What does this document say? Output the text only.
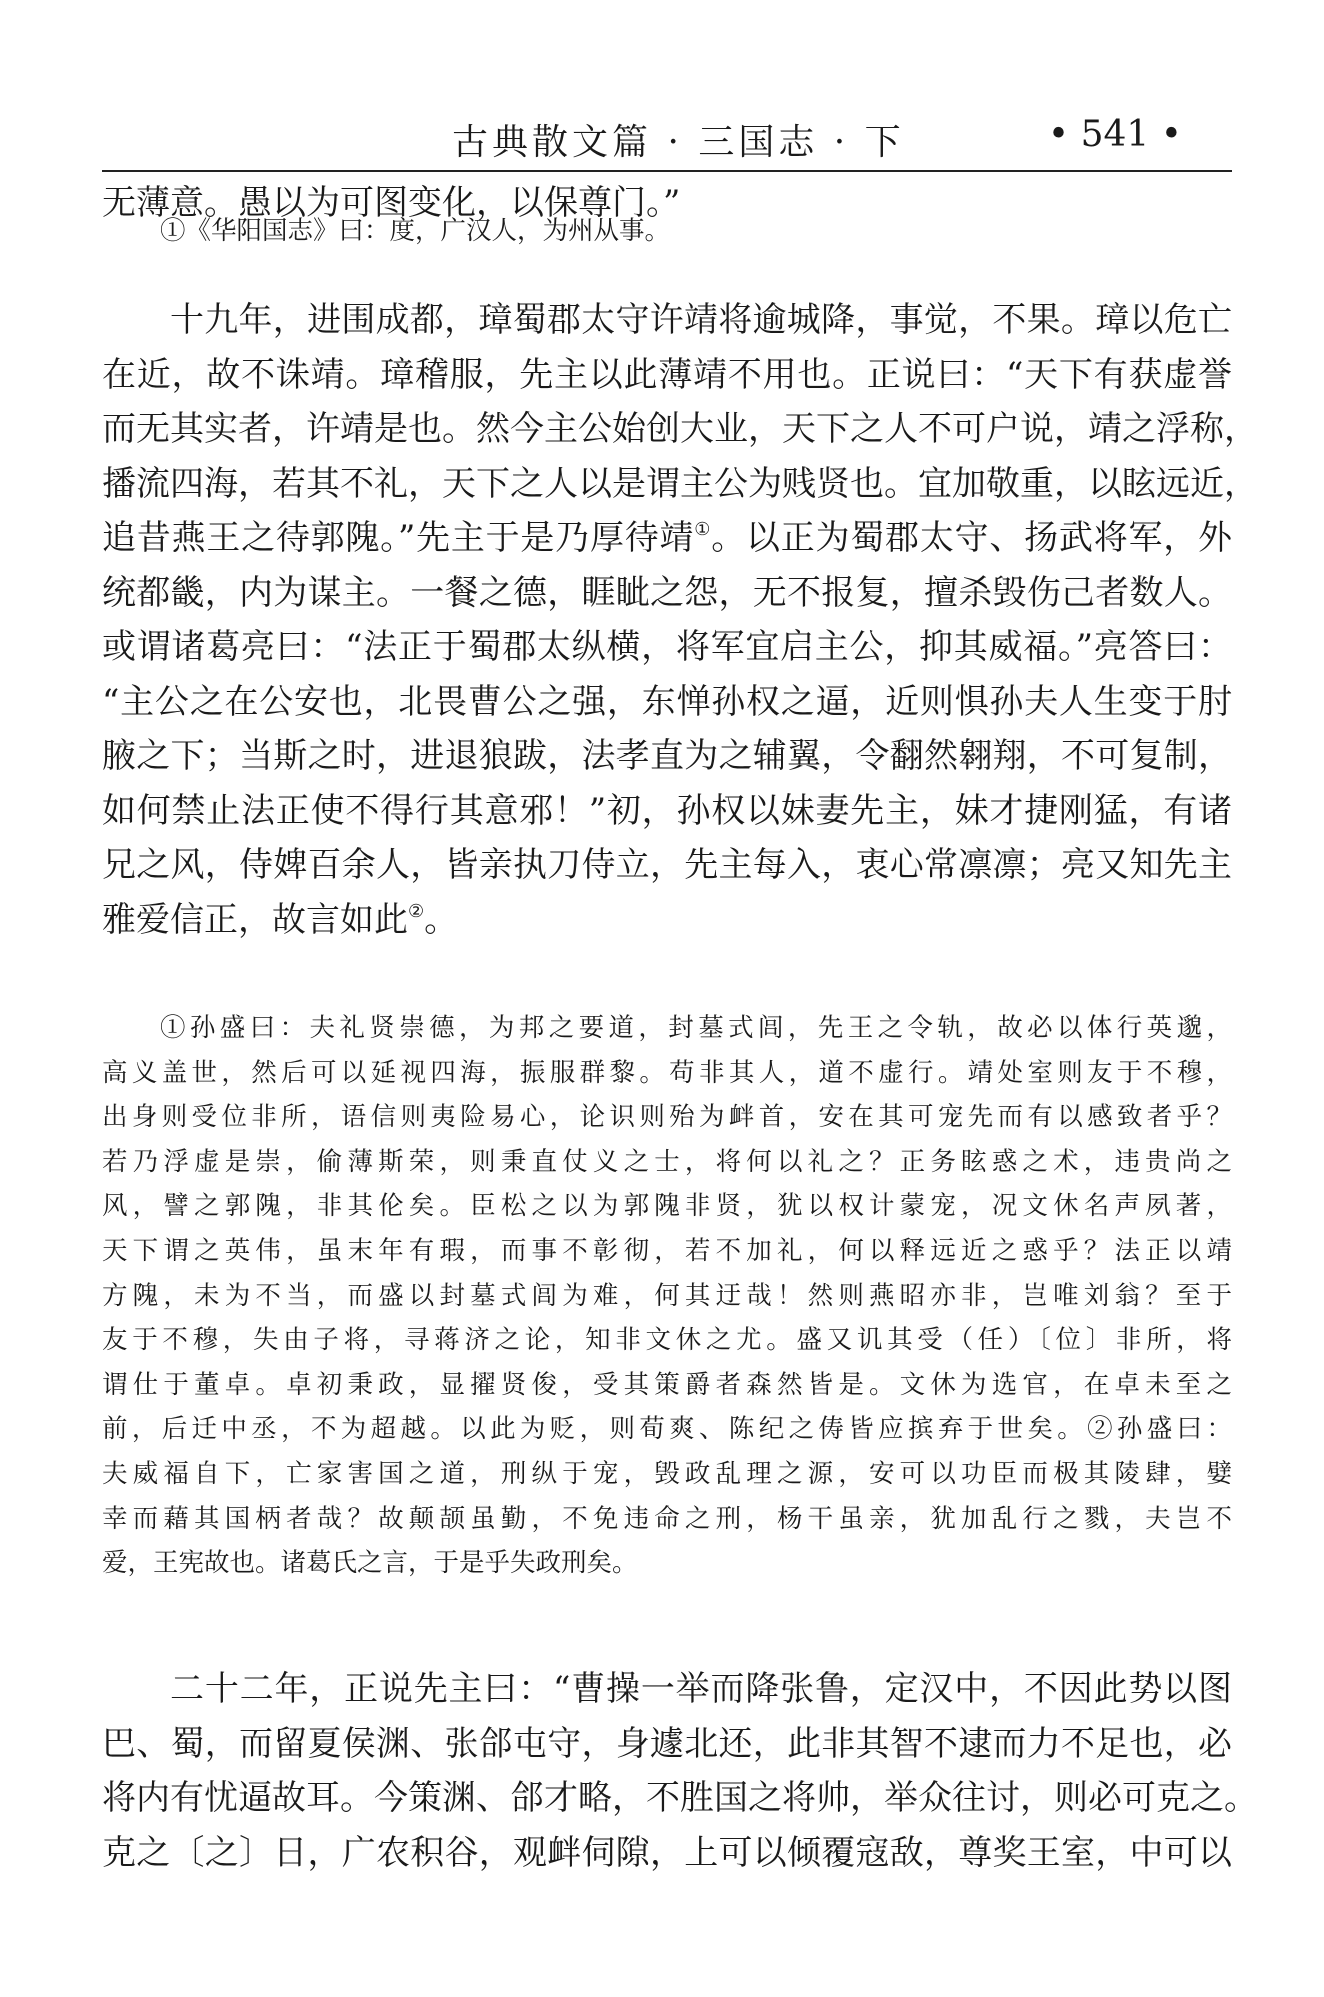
古典散文篇 · 三国志 · 下	• 541 •

无薄意。愚以为可图变化，以保尊门。”

①《华阳国志》曰：度，广汉人，为州从事。

十九年，进围成都，璋蜀郡太守许靖将逾城降，事觉，不果。璋以危亡

在近，故不诛靖。璋稽服，先主以此薄靖不用也。正说曰：“天下有获虚誉

而无其实者，许靖是也。然今主公始创大业，天下之人不可户说，靖之浮称，

播流四海，若其不礼，天下之人以是谓主公为贱贤也。宜加敬重，以眩远近，

追昔燕王之待郭隗。”先主于是乃厚待靖①。以正为蜀郡太守、扬武将军，外

统都畿，内为谋主。一餐之德，睚眦之怨，无不报复，擅杀毁伤己者数人。

或谓诸葛亮曰：“法正于蜀郡太纵横，将军宜启主公，抑其威福。”亮答曰：

“主公之在公安也，北畏曹公之强，东惮孙权之逼，近则惧孙夫人生变于肘

腋之下；当斯之时，进退狼跋，法孝直为之辅翼，令翻然翱翔，不可复制，

如何禁止法正使不得行其意邪！”初，孙权以妹妻先主，妹才捷刚猛，有诸

兄之风，侍婢百余人，皆亲执刀侍立，先主每入，衷心常凛凛；亮又知先主

雅爱信正，故言如此②。

①孙盛曰：夫礼贤崇德，为邦之要道，封墓式闾，先王之令轨，故必以体行英邈，

高义盖世，然后可以延视四海，振服群黎。苟非其人，道不虚行。靖处室则友于不穆，

出身则受位非所，语信则夷险易心，论识则殆为衅首，安在其可宠先而有以感致者乎？

若乃浮虚是崇，偷薄斯荣，则秉直仗义之士，将何以礼之？正务眩惑之术，违贵尚之

风，譬之郭隗，非其伦矣。臣松之以为郭隗非贤，犹以权计蒙宠，况文休名声夙著，

天下谓之英伟，虽末年有瑕，而事不彰彻，若不加礼，何以释远近之惑乎？法正以靖

方隗，未为不当，而盛以封墓式闾为难，何其迂哉！然则燕昭亦非，岂唯刘翁？至于

友于不穆，失由子将，寻蒋济之论，知非文休之尤。盛又讥其受（任）〔位〕非所，将

谓仕于董卓。卓初秉政，显擢贤俊，受其策爵者森然皆是。文休为选官，在卓未至之

前，后迁中丞，不为超越。以此为贬，则荀爽、陈纪之俦皆应摈弃于世矣。②孙盛曰：

夫威福自下，亡家害国之道，刑纵于宠，毁政乱理之源，安可以功臣而极其陵肆，嬖

幸而藉其国柄者哉？故颠颉虽勤，不免违命之刑，杨干虽亲，犹加乱行之戮，夫岂不

爱，王宪故也。诸葛氏之言，于是乎失政刑矣。

二十二年，正说先主曰：“曹操一举而降张鲁，定汉中，不因此势以图

巴、蜀，而留夏侯渊、张郃屯守，身遽北还，此非其智不逮而力不足也，必

将内有忧逼故耳。今策渊、郃才略，不胜国之将帅，举众往讨，则必可克之。

克之〔之〕日，广农积谷，观衅伺隙，上可以倾覆寇敌，尊奖王室，中可以
